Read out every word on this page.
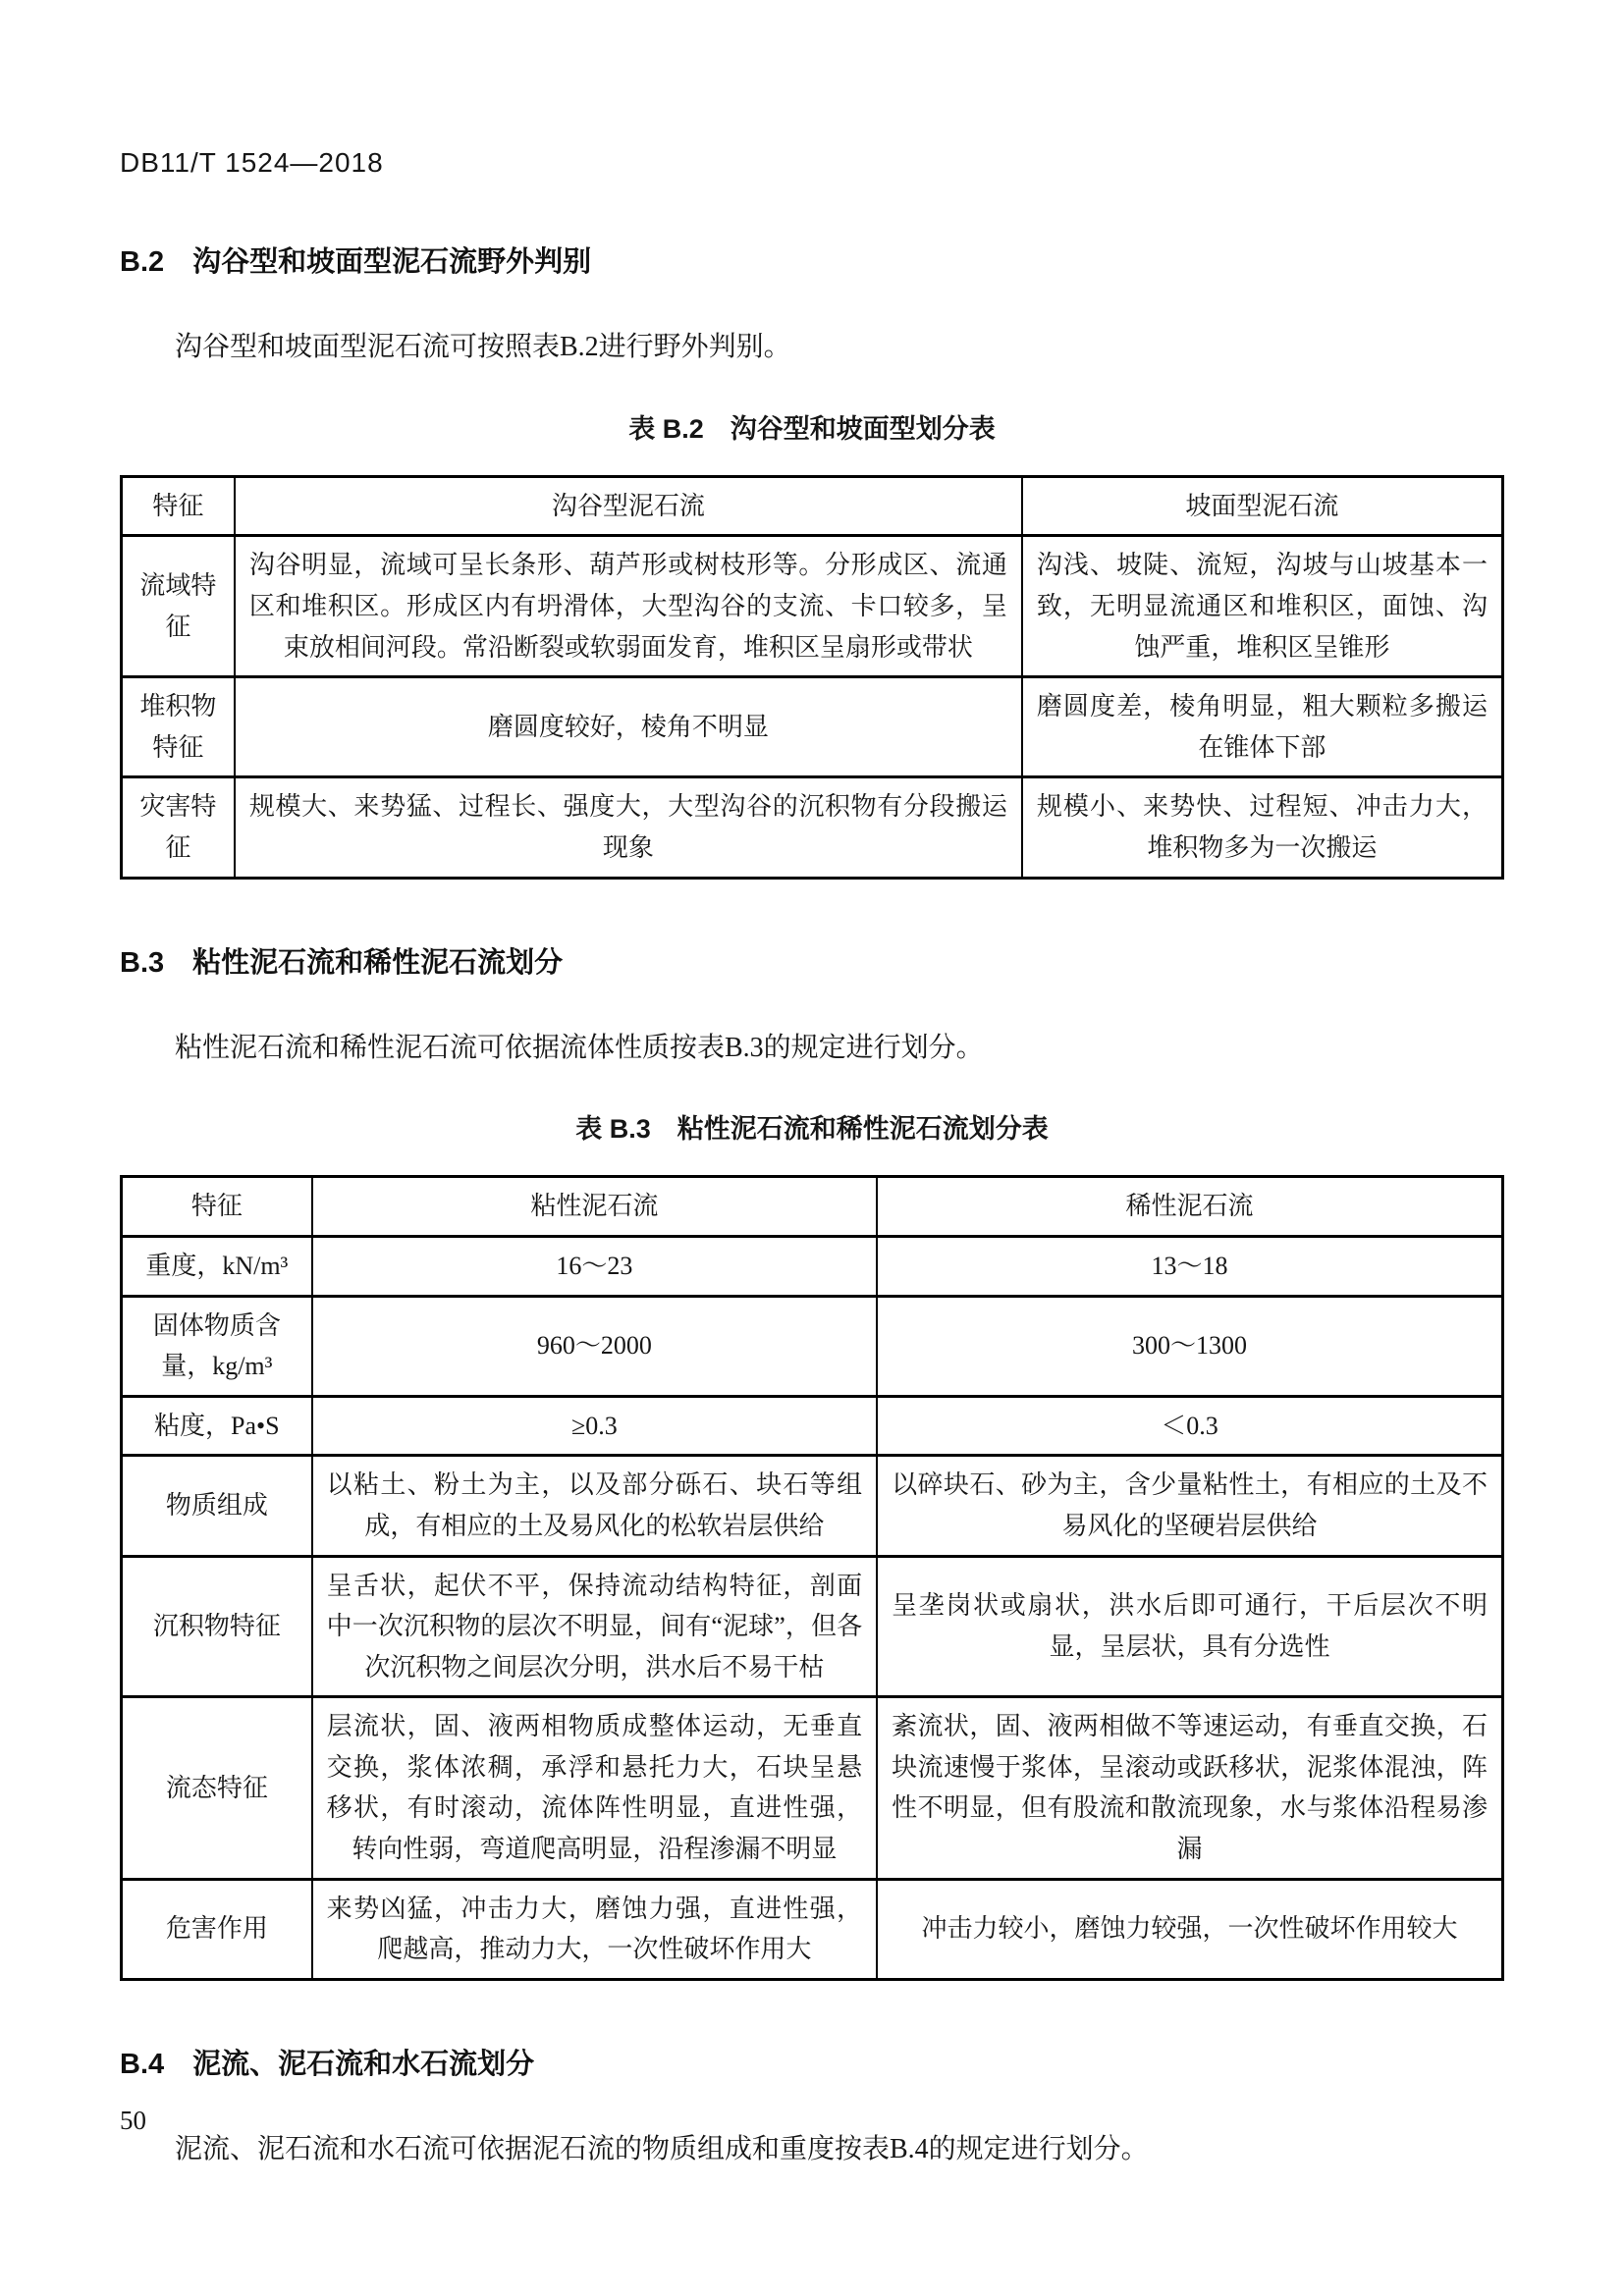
DB11/T 1524—2018
B.2　沟谷型和坡面型泥石流野外判别
沟谷型和坡面型泥石流可按照表B.2进行野外判别。
表 B.2　沟谷型和坡面型划分表
特征	沟谷型泥石流	坡面型泥石流
流域特征	沟谷明显，流域可呈长条形、葫芦形或树枝形等。分形成区、流通区和堆积区。形成区内有坍滑体，大型沟谷的支流、卡口较多，呈束放相间河段。常沿断裂或软弱面发育，堆积区呈扇形或带状	沟浅、坡陡、流短，沟坡与山坡基本一致，无明显流通区和堆积区，面蚀、沟蚀严重，堆积区呈锥形
堆积物特征	磨圆度较好，棱角不明显	磨圆度差，棱角明显，粗大颗粒多搬运在锥体下部
灾害特征	规模大、来势猛、过程长、强度大，大型沟谷的沉积物有分段搬运现象	规模小、来势快、过程短、冲击力大，堆积物多为一次搬运
B.3　粘性泥石流和稀性泥石流划分
粘性泥石流和稀性泥石流可依据流体性质按表B.3的规定进行划分。
表 B.3　粘性泥石流和稀性泥石流划分表
特征	粘性泥石流	稀性泥石流
重度，kN/m³	16～23	13～18
固体物质含量，kg/m³	960～2000	300～1300
粘度，Pa•S	≥0.3	＜0.3
物质组成	以粘土、粉土为主，以及部分砾石、块石等组成，有相应的土及易风化的松软岩层供给	以碎块石、砂为主，含少量粘性土，有相应的土及不易风化的坚硬岩层供给
沉积物特征	呈舌状，起伏不平，保持流动结构特征，剖面中一次沉积物的层次不明显，间有“泥球”，但各次沉积物之间层次分明，洪水后不易干枯	呈垄岗状或扇状，洪水后即可通行，干后层次不明显，呈层状，具有分选性
流态特征	层流状，固、液两相物质成整体运动，无垂直交换，浆体浓稠，承浮和悬托力大，石块呈悬移状，有时滚动，流体阵性明显，直进性强，转向性弱，弯道爬高明显，沿程渗漏不明显	紊流状，固、液两相做不等速运动，有垂直交换，石块流速慢于浆体，呈滚动或跃移状，泥浆体混浊，阵性不明显，但有股流和散流现象，水与浆体沿程易渗漏
危害作用	来势凶猛，冲击力大，磨蚀力强，直进性强，爬越高，推动力大，一次性破坏作用大	冲击力较小，磨蚀力较强，一次性破坏作用较大
B.4　泥流、泥石流和水石流划分
泥流、泥石流和水石流可依据泥石流的物质组成和重度按表B.4的规定进行划分。
50
